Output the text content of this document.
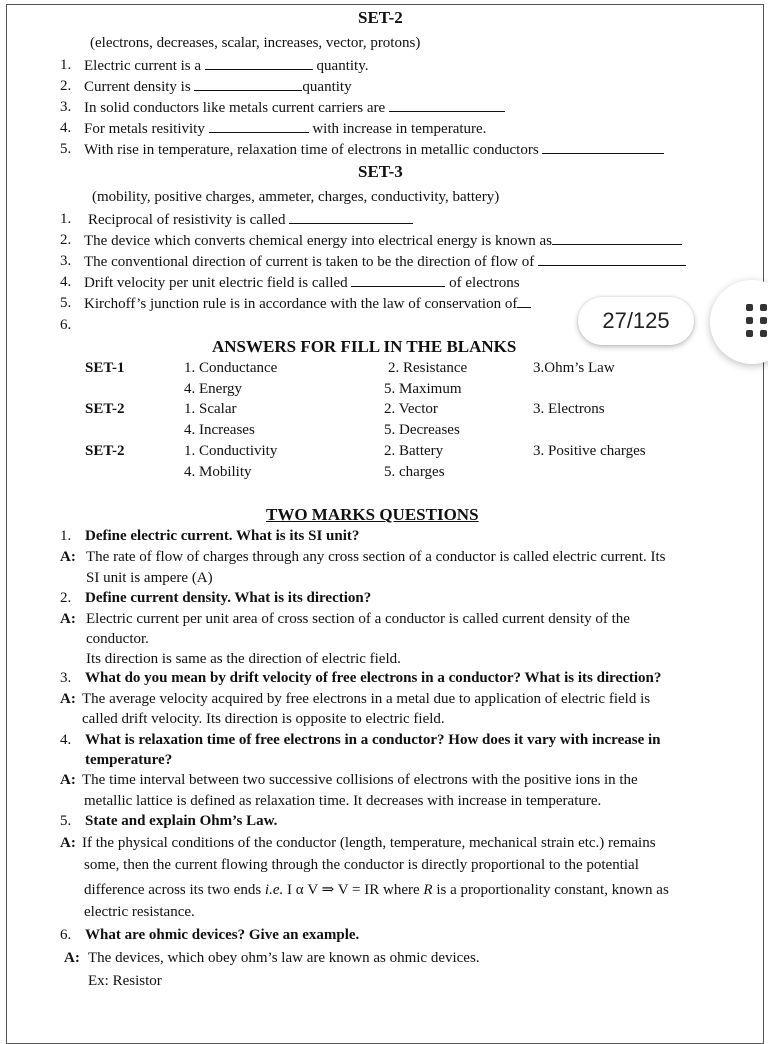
SET-2
(electrons, decreases, scalar, increases, vector, protons)
1. Electric current is a	quantity.
2. Current density is	quantity
3. In solid conductors like metals current carriers are
4. For metals resitivity	with increase in temperature.
5. With rise in temperature, relaxation time of electrons in metallic conductors
SET-3
(mobility, positive charges, ammeter, charges, conductivity, battery)
1. Reciprocal of resistivity is called
2. The device which converts chemical energy into electrical energy is known as
3. The conventional direction of current is taken to be the direction of flow of
4. Drift velocity per unit electric field is called	of electrons
5. Kirchoff’s junction rule is in accordance with the law of conservation of
6.
ANSWERS FOR FILL IN THE BLANKS
SET-1	1. Conductance	2. Resistance	3.Ohm’s Law
4. Energy	5. Maximum
SET-2	1. Scalar	2. Vector	3. Electrons
4. Increases	5. Decreases
SET-2	1. Conductivity	2. Battery	3. Positive charges
4. Mobility	5. charges
TWO MARKS QUESTIONS
1. Define electric current. What is its SI unit?
A: The rate of flow of charges through any cross section of a conductor is called electric current. Its
SI unit is ampere (A)
2. Define current density. What is its direction?
A: Electric current per unit area of cross section of a conductor is called current density of the
conductor.
Its direction is same as the direction of electric field.
3. What do you mean by drift velocity of free electrons in a conductor? What is its direction?
A: The average velocity acquired by free electrons in a metal due to application of electric field is
called drift velocity. Its direction is opposite to electric field.
4. What is relaxation time of free electrons in a conductor? How does it vary with increase in
temperature?
A: The time interval between two successive collisions of electrons with the positive ions in the
metallic lattice is defined as relaxation time. It decreases with increase in temperature.
5. State and explain Ohm’s Law.
A: If the physical conditions of the conductor (length, temperature, mechanical strain etc.) remains
some, then the current flowing through the conductor is directly proportional to the potential
difference across its two ends i.e. I α V ⇒ V = IR where R is a proportionality constant, known as
electric resistance.
6. What are ohmic devices? Give an example.
A: The devices, which obey ohm’s law are known as ohmic devices.
Ex: Resistor
27/125
